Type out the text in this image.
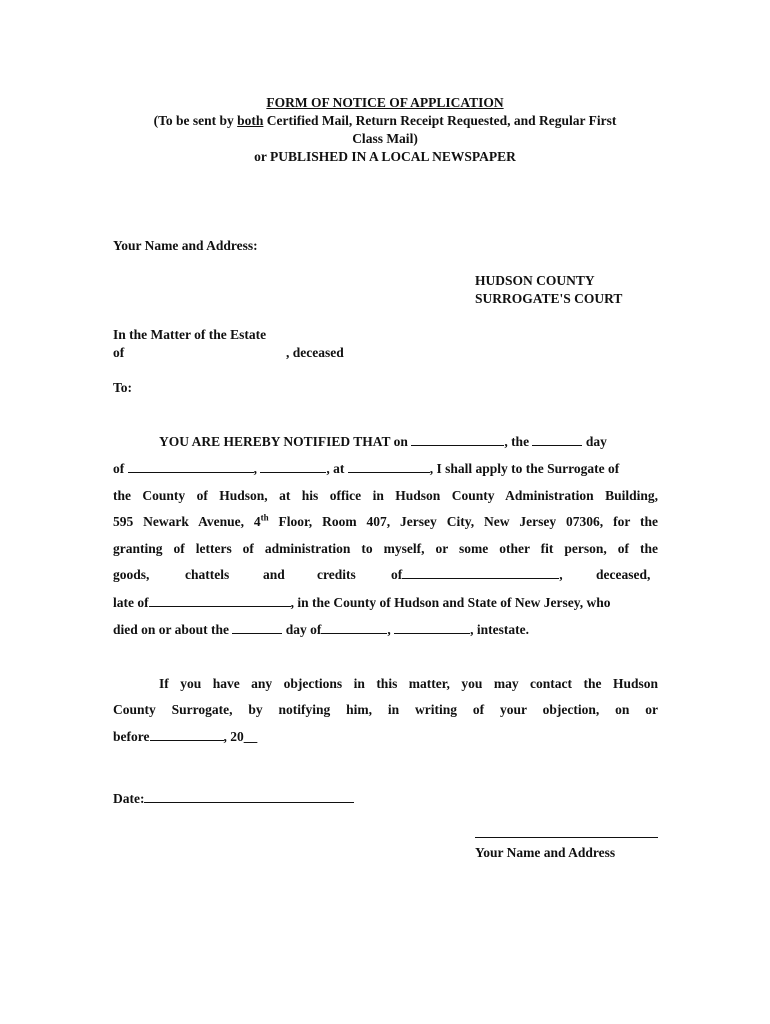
FORM OF NOTICE OF APPLICATION
(To be sent by both Certified Mail, Return Receipt Requested, and Regular First
Class Mail)
or PUBLISHED IN A LOCAL NEWSPAPER
Your Name and Address:
HUDSON COUNTY
SURROGATE'S COURT
In the Matter of the Estate
of	, deceased
To:
YOU ARE HEREBY NOTIFIED THAT on	, the	day
of	,	, at	, I shall apply to the Surrogate of
the County of Hudson, at his office in Hudson County Administration Building,
595 Newark Avenue, 4th Floor, Room 407, Jersey City, New Jersey 07306, for the
granting of letters of administration to myself, or some other fit person, of the
goods,	chattels	and credits	of	, deceased,
late of	, in the County of Hudson and State of New Jersey, who
died on or about the	day of	,	, intestate.
If you have any objections in this matter, you may contact the Hudson
County Surrogate, by notifying him, in writing of your objection, on or
before	, 20__
Date:
Your Name and Address
